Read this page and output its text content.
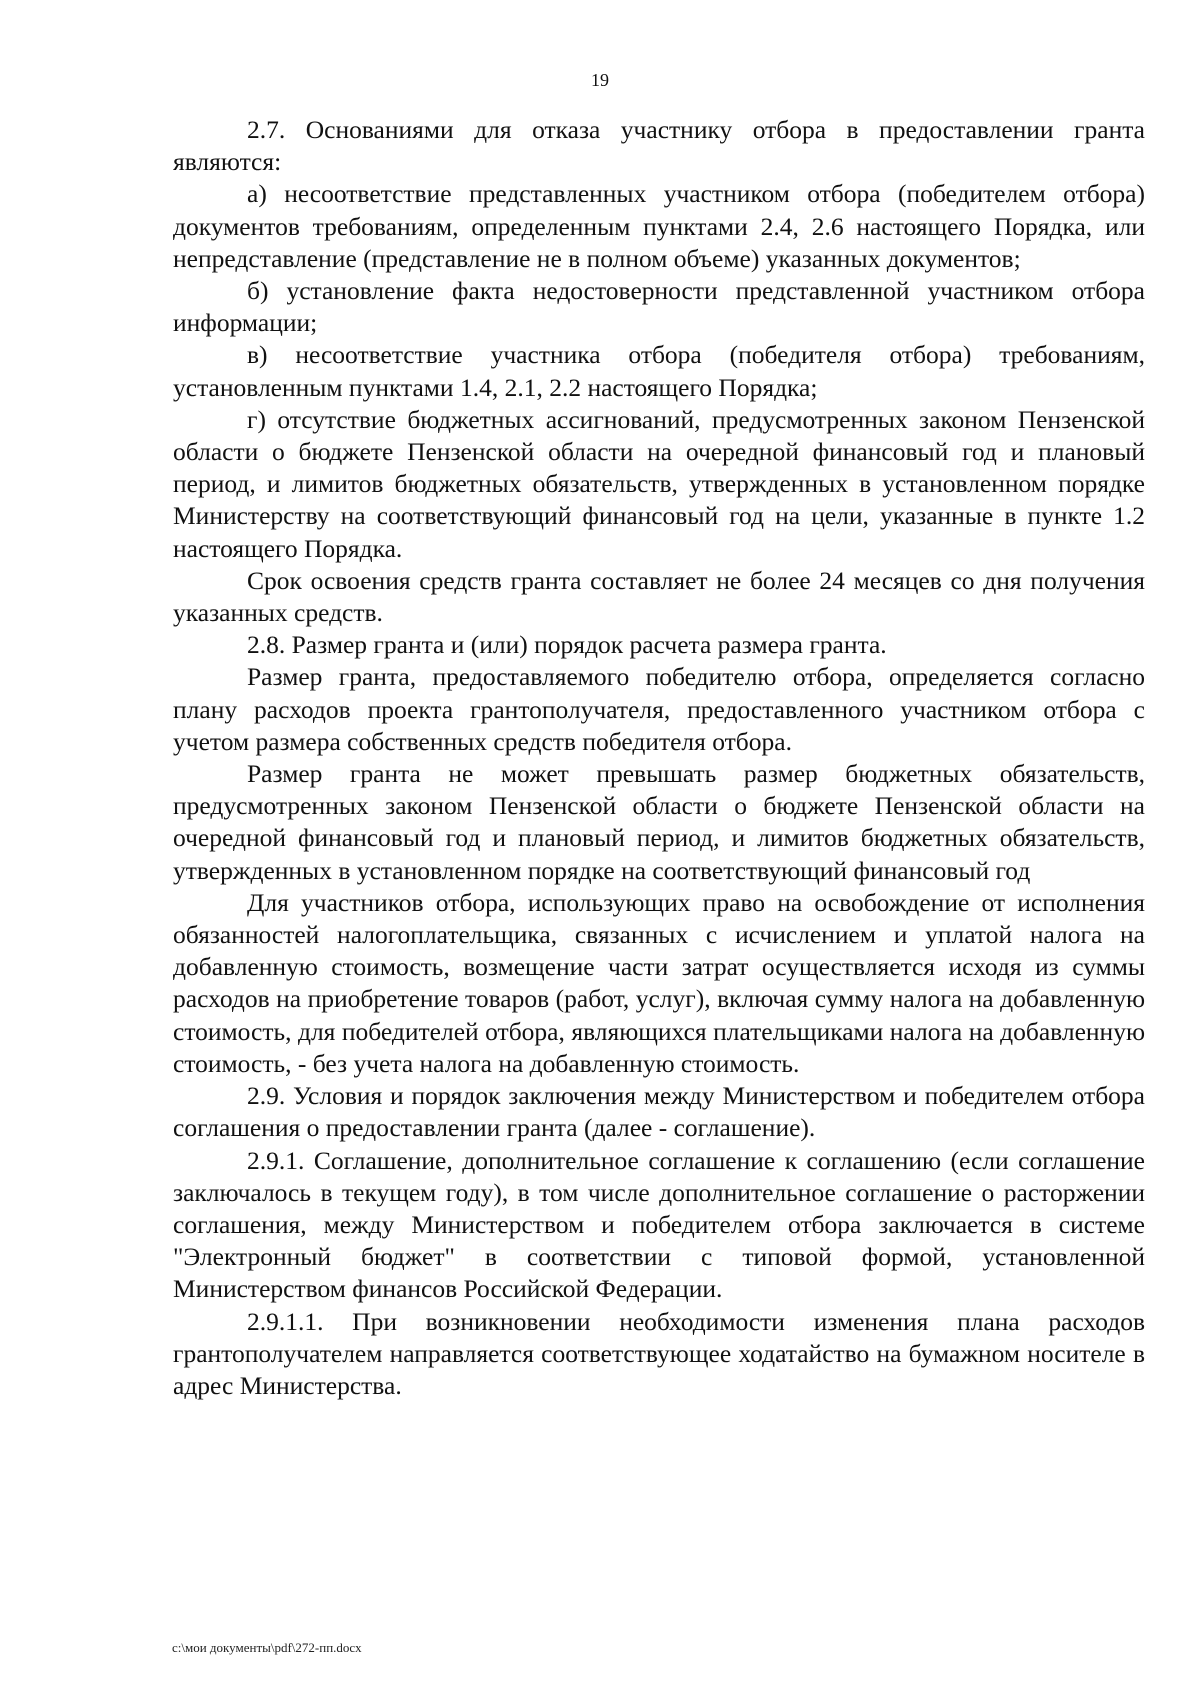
19

2.7. Основаниями для отказа участнику отбора в предоставлении гранта являются:

а) несоответствие представленных участником отбора (победителем отбора) документов требованиям, определенным пунктами 2.4, 2.6 настоящего Порядка, или непредставление (представление не в полном объеме) указанных документов;

б) установление факта недостоверности представленной участником отбора информации;

в) несоответствие участника отбора (победителя отбора) требованиям, установленным пунктами 1.4, 2.1, 2.2 настоящего Порядка;

г) отсутствие бюджетных ассигнований, предусмотренных законом Пензенской области о бюджете Пензенской области на очередной финансовый год и плановый период, и лимитов бюджетных обязательств, утвержденных в установленном порядке Министерству на соответствующий финансовый год на цели, указанные в пункте 1.2 настоящего Порядка.

Срок освоения средств гранта составляет не более 24 месяцев со дня получения указанных средств.

2.8. Размер гранта и (или) порядок расчета размера гранта.

Размер гранта, предоставляемого победителю отбора, определяется согласно плану расходов проекта грантополучателя, предоставленного участником отбора с учетом размера собственных средств победителя отбора.

Размер гранта не может превышать размер бюджетных обязательств, предусмотренных законом Пензенской области о бюджете Пензенской области на очередной финансовый год и плановый период, и лимитов бюджетных обязательств, утвержденных в установленном порядке на соответствующий финансовый год

Для участников отбора, использующих право на освобождение от исполнения обязанностей налогоплательщика, связанных с исчислением и уплатой налога на добавленную стоимость, возмещение части затрат осуществляется исходя из суммы расходов на приобретение товаров (работ, услуг), включая сумму налога на добавленную стоимость, для победителей отбора, являющихся плательщиками налога на добавленную стоимость, - без учета налога на добавленную стоимость.

2.9. Условия и порядок заключения между Министерством и победителем отбора соглашения о предоставлении гранта (далее - соглашение).

2.9.1. Соглашение, дополнительное соглашение к соглашению (если соглашение заключалось в текущем году), в том числе дополнительное соглашение о расторжении соглашения, между Министерством и победителем отбора заключается в системе "Электронный бюджет" в соответствии с типовой формой, установленной Министерством финансов Российской Федерации.

2.9.1.1. При возникновении необходимости изменения плана расходов грантополучателем направляется соответствующее ходатайство на бумажном носителе в адрес Министерства.

c:\мои документы\pdf\272-пп.docx
